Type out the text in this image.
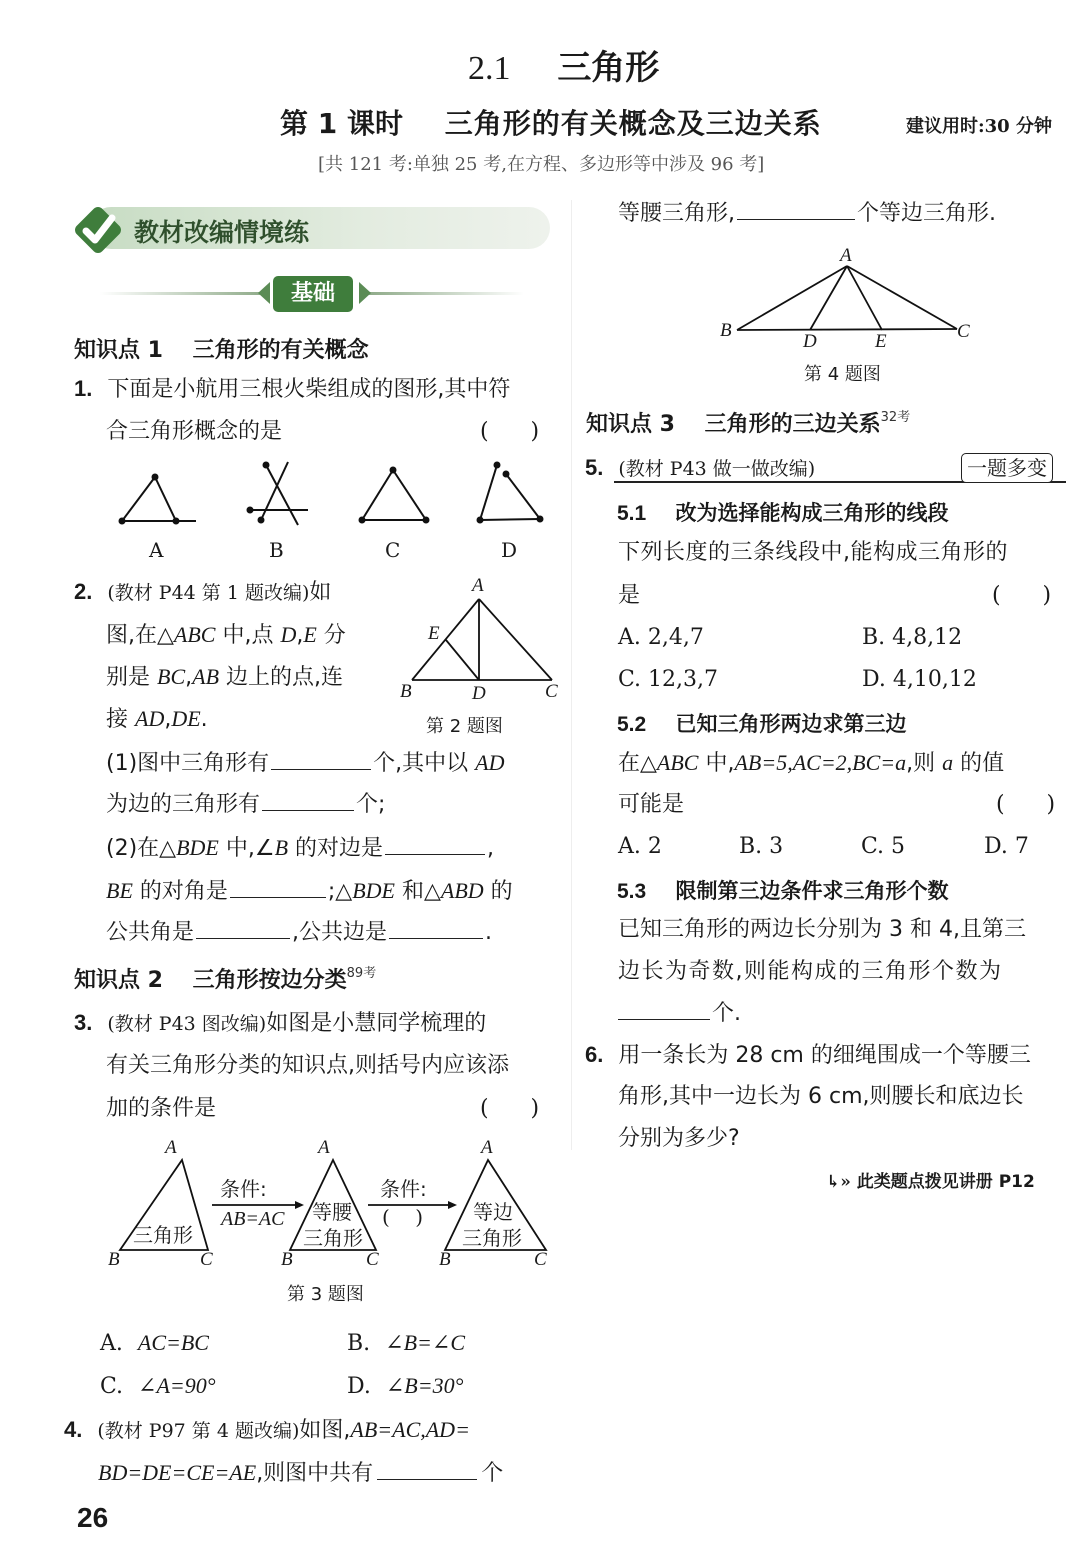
2.1 三角形
第 1 课时 三角形的有关概念及三边关系	建议用时:30 分钟
[共 121 考:单独 25 考,在方程、多边形等中涉及 96 考]
教材改编情境练
基础
知识点 1 三角形的有关概念
1. 下面是小航用三根火柴组成的图形,其中符
合三角形概念的是	(      )
A	B	C	D
2. (教材 P44 第 1 题改编)如
图,在△ABC 中,点 D,E 分
别是 BC,AB 边上的点,连
接 AD,DE.
A
E
B	D	C
第 2 题图
(1)图中三角形有	个,其中以 AD
为边的三角形有	个;
(2)在△BDE 中,∠B 的对边是	,
BE 的对角是	;△BDE 和△ABD 的
公共角是	,公共边是	.
知识点 2 三角形按边分类$^{89考}$
3. (教材 P43 图改编)如图是小慧同学梳理的
有关三角形分类的知识点,则括号内应该添
加的条件是	(      )
A
B	C
三角形
条件:
AB=AC
A
B	C
等腰
三角形
条件:
(    )
A
B	C
等边
三角形
第 3 题图
A. AC=BC	B. ∠B=∠C
C. ∠A=90°	D. ∠B=30°
4. (教材 P97 第 4 题改编)如图,AB=AC,AD=
BD=DE=CE=AE,则图中共有	个
26
等腰三角形,	个等边三角形.
A
B
D	E	C
第 4 题图
知识点 3 三角形的三边关系$^{32考}$
5. (教材 P43 做一做改编)	一题多变
5.1 改为选择能构成三角形的线段
下列长度的三条线段中,能构成三角形的
是	(      )
A. 2,4,7	B. 4,8,12
C. 12,3,7	D. 4,10,12
5.2 已知三角形两边求第三边
在△ABC 中,AB=5,AC=2,BC=a,则 a 的值
可能是	(      )
A. 2	B. 3	C. 5	D. 7
5.3 限制第三边条件求三角形个数
已知三角形的两边长分别为 3 和 4,且第三
边长为奇数,则能构成的三角形个数为
个.
6. 用一条长为 28 cm 的细绳围成一个等腰三
角形,其中一边长为 6 cm,则腰长和底边长
分别为多少?
↳» 此类题点拨见讲册 P12
